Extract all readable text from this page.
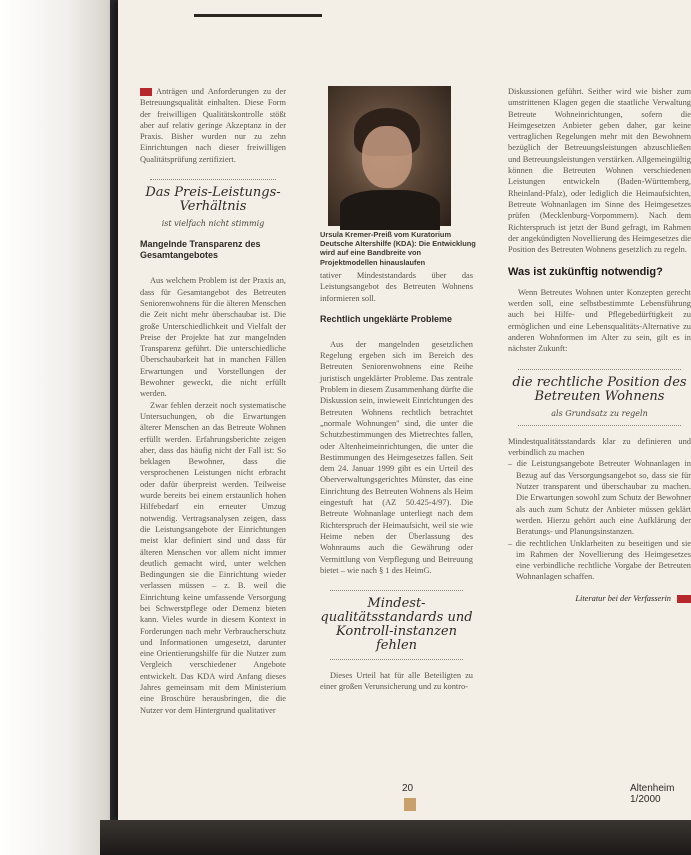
Anträgen und Anforderungen zu der Betreuungsqualität einhalten. Diese Form der freiwilligen Qualitätskontrolle stößt aber auf relativ geringe Akzeptanz in der Praxis. Bisher wurden nur zu zehn Einrichtungen nach dieser freiwilligen Qualitätsprüfung zertifiziert.

Das Preis-Leistungs-Verhältnis
ist vielfach nicht stimmig
Mangelnde Transparenz des Gesamtangebotes

Aus welchem Problem ist der Praxis an, dass für Gesamtangebot des Betreuten Seniorenwohnens für die älteren Menschen die Zeit nicht mehr überschaubar ist. Die große Unterschiedlichkeit und Vielfalt der Preise der Projekte hat zur mangelnden Transparenz geführt. Die unterschiedliche Überschaubarkeit hat in manchen Fällen Erwartungen und Vorstellungen der Bewohner geweckt, die nicht erfüllt werden.

Zwar fehlen derzeit noch systematische Untersuchungen, ob die Erwartungen älterer Menschen an das Betreute Wohnen erfüllt werden. Erfahrungsberichte zeigen aber, dass das häufig nicht der Fall ist: So beklagen Bewohner, dass die versprochenen Leistungen nicht erbracht oder dafür überpreist werden. Teilweise wurde bereits bei einem erstaunlich hohen Hilfebedarf ein erneuter Umzug notwendig. Vertragsanalysen zeigen, dass die Leistungsangebote der Einrichtungen meist klar definiert sind und dass für älteren Menschen vor allem nicht immer deutlich gemacht wird, unter welchen Bedingungen sie die Einrichtung wieder verlassen müssen – z. B. weil die Einrichtung keine umfassende Versorgung bei Schwerstpflege oder Demenz bieten kann. Vieles wurde in diesem Kontext in Forderungen nach mehr Verbraucherschutz und Informationen umgesetzt, darunter eine Orientierungshilfe für die Nutzer zum Vergleich verschiedener Angebote entwickelt. Das KDA wird Anfang dieses Jahres gemeinsam mit dem Ministerium eine Broschüre herausbringen, die die Nutzer vor dem Hintergrund qualitativer

Ursula Kremer-Preiß vom Kuratorium Deutsche Altershilfe (KDA): Die Entwicklung wird auf eine Bandbreite von Projektmodellen hinauslaufen

tativer Mindeststandards über das Leistungsangebot des Betreuten Wohnens informieren soll.

Rechtlich ungeklärte Probleme

Aus der mangelnden gesetzlichen Regelung ergeben sich im Bereich des Betreuten Seniorenwohnens eine Reihe juristisch ungeklärter Probleme. Das zentrale Problem in diesem Zusammenhang dürfte die Diskussion sein, inwieweit Einrichtungen des Betreuten Wohnens rechtlich betrachtet „normale Wohnungen" sind, die unter die Schutzbestimmungen des Mietrechtes fallen, oder Altenheimeinrichtungen, die unter die Bestimmungen des Heimgesetzes fallen. Seit dem 24. Januar 1999 gibt es ein Urteil des Oberverwaltungsgerichtes Münster, das eine Einrichtung des Betreuten Wohnens als Heim eingestuft hat (AZ 50.425-4/97). Die Betreute Wohnanlage unterliegt nach dem Richterspruch der Heimaufsicht, weil sie wie Heime neben der Überlassung des Wohnraums auch die Gewährung oder Vermittlung von Verpflegung und Betreuung bietet – wie nach § 1 des HeimG.

Mindest-qualitätsstandards und Kontroll-instanzen fehlen

Dieses Urteil hat für alle Beteiligten zu einer großen Verunsicherung und zu kontro-

Diskussionen geführt. Seither wird wie bisher zum umstrittenen Klagen gegen die staatliche Verwaltung Betreute Wohneinrichtungen, sofern die Heimgesetzen Anbieter geben daher, gar keine vertraglichen Regelungen mehr mit den Bewohnern bezüglich der Betreuungsleistungen abzuschließen und Betreuungsleistungen verstärken. Allgemeingültig können die Betreuten Wohnen verschiedenen Leistungen entwickeln (Baden-Württemberg, Rheinland-Pfalz), oder lediglich die Heimaufsichten, Betreute Wohnanlagen im Sinne des Heimgesetzes prüfen (Mecklenburg-Vorpommern). Nach dem Richterspruch ist jetzt der Bund gefragt, im Rahmen der angekündigten Novellierung des Heimgesetzes die Position des Betreuten Wohnens gesetzlich zu regeln.

Was ist zukünftig notwendig?

Wenn Betreutes Wohnen unter Konzepten gerecht werden soll, eine selbstbestimmte Lebensführung auch bei Hilfe- und Pflegebedürftigkeit zu ermöglichen und eine Lebensqualitäts-Alternative zu anderen Wohnformen im Alter zu sein, gilt es in nächster Zukunft:

die rechtliche Position des Betreuten Wohnens
als Grundsatz zu regeln

Mindestqualitätsstandards klar zu definieren und verbindlich zu machen

– die Leistungsangebote Betreuter Wohnanlagen in Bezug auf das Versorgungsangebot so, dass sie für Nutzer transparent und überschaubar zu machen. Die Erwartungen sowohl zum Schutz der Bewohner als auch zum Schutz der Anbieter müssen geklärt werden. Hierzu gehört auch eine Aufklärung der Beratungs- und Planungsinstanzen.
– die rechtlichen Unklarheiten zu beseitigen und sie im Rahmen der Novellierung des Heimgesetzes eine verbindliche rechtliche Vorgabe der Betreuten Wohnanlagen schaffen.
Literatur bei der Verfasserin
20	Altenheim 1/2000
